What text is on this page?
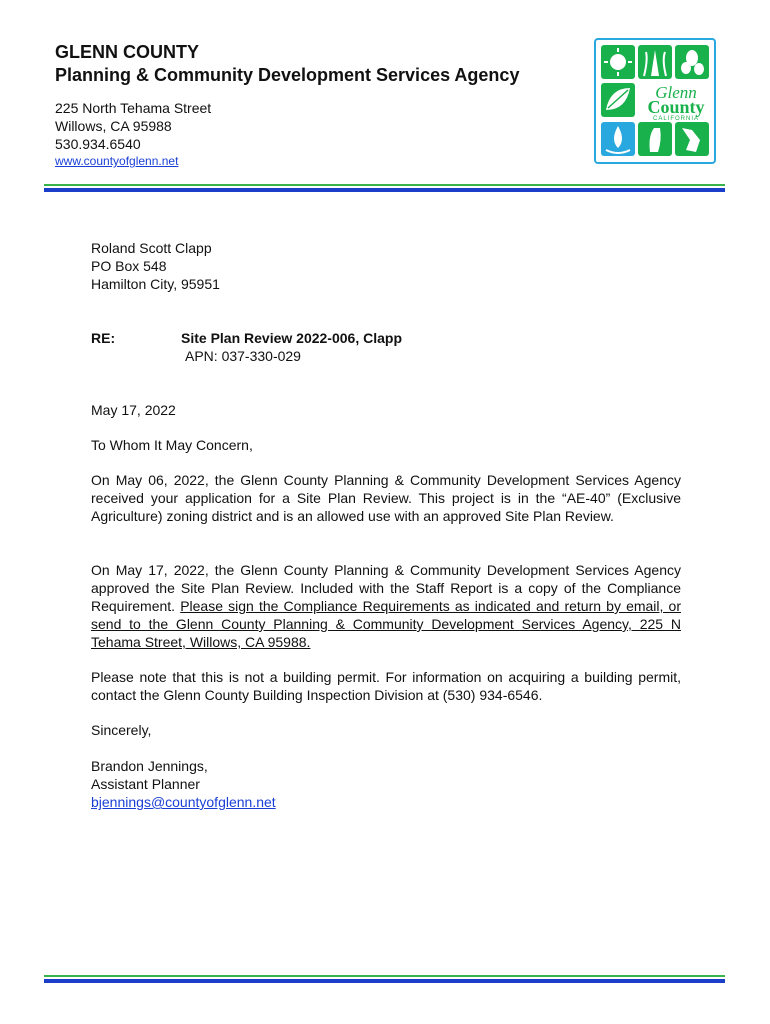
GLENN COUNTY
Planning & Community Development Services Agency
225 North Tehama Street
Willows, CA 95988
530.934.6540
www.countyofglenn.net
Glenn
County
CALIFORNIA
Roland Scott Clapp
PO Box 548
Hamilton City, 95951
RE:	Site Plan Review 2022-006, Clapp
APN: 037-330-029
May 17, 2022
To Whom It May Concern,
On May 06, 2022, the Glenn County Planning & Community Development Services Agency received your application for a Site Plan Review. This project is in the “AE-40” (Exclusive Agriculture) zoning district and is an allowed use with an approved Site Plan Review.
On May 17, 2022, the Glenn County Planning & Community Development Services Agency approved the Site Plan Review. Included with the Staff Report is a copy of the Compliance Requirement. Please sign the Compliance Requirements as indicated and return by email, or send to the Glenn County Planning & Community Development Services Agency, 225 N Tehama Street, Willows, CA 95988.
Please note that this is not a building permit. For information on acquiring a building permit, contact the Glenn County Building Inspection Division at (530) 934-6546.
Sincerely,
Brandon Jennings,
Assistant Planner
bjennings@countyofglenn.net
